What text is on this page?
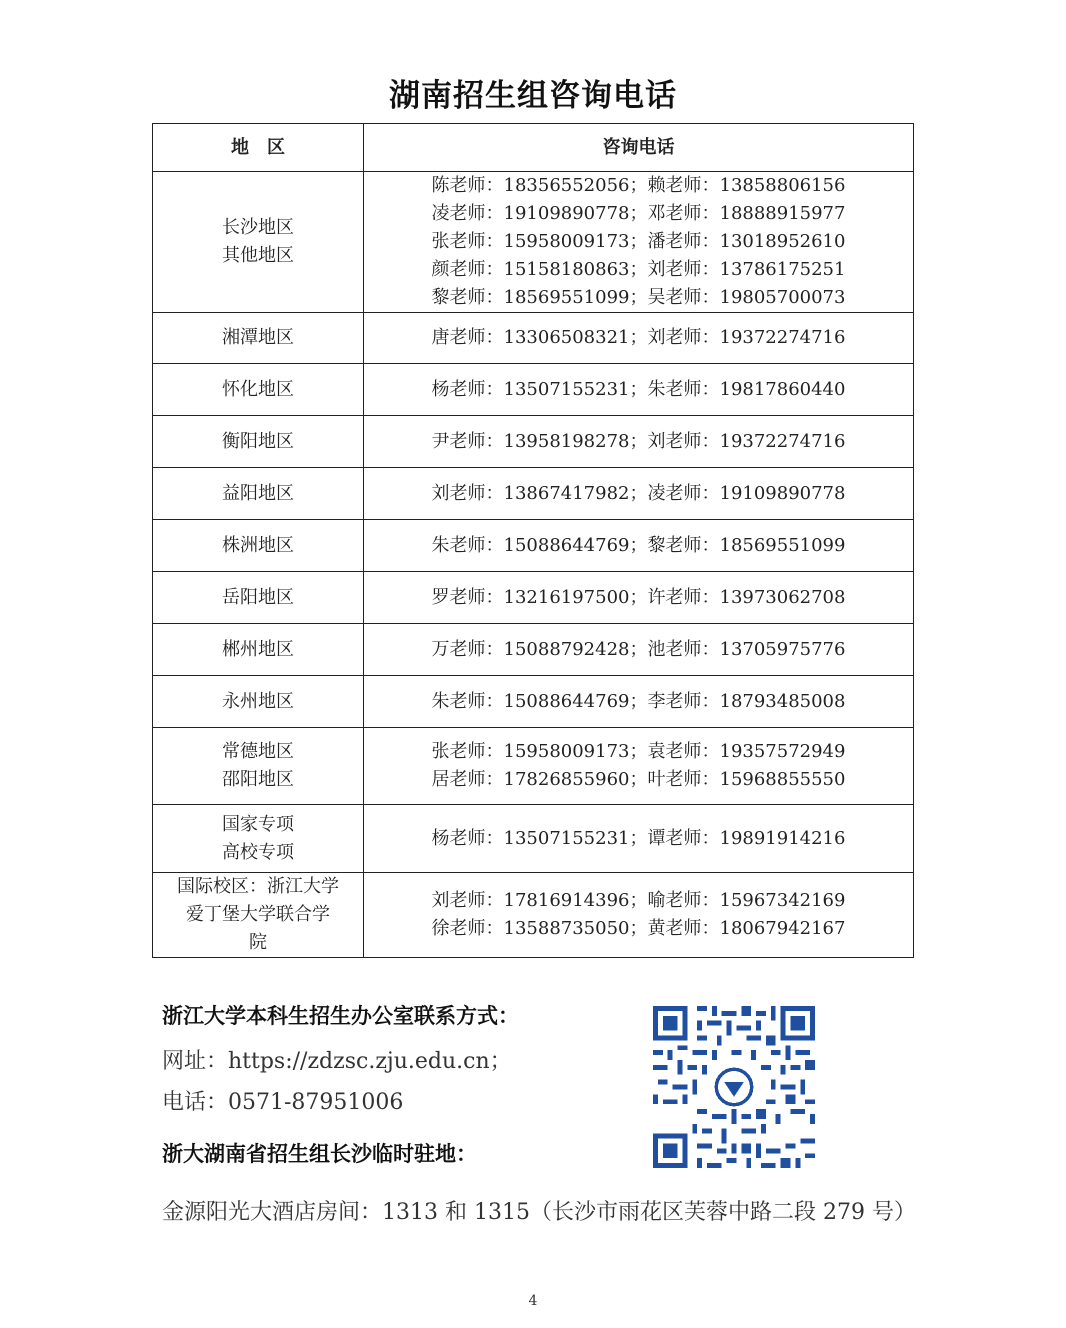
湖南招生组咨询电话
地　区	咨询电话

长沙地区
其他地区	陈老师：18356552056；赖老师：13858806156
凌老师：19109890778；邓老师：18888915977
张老师：15958009173；潘老师：13018952610
颜老师：15158180863；刘老师：13786175251
黎老师：18569551099；吴老师：19805700073

湘潭地区	唐老师：13306508321；刘老师：19372274716

怀化地区	杨老师：13507155231；朱老师：19817860440

衡阳地区	尹老师：13958198278；刘老师：19372274716

益阳地区	刘老师：13867417982；凌老师：19109890778

株洲地区	朱老师：15088644769；黎老师：18569551099

岳阳地区	罗老师：13216197500；许老师：13973062708

郴州地区	万老师：15088792428；池老师：13705975776

永州地区	朱老师：15088644769；李老师：18793485008

常德地区
邵阳地区	张老师：15958009173；袁老师：19357572949
居老师：17826855960；叶老师：15968855550

国家专项
高校专项	杨老师：13507155231；谭老师：19891914216

国际校区：浙江大学
爱丁堡大学联合学
院	刘老师：17816914396；喻老师：15967342169
徐老师：13588735050；黄老师：18067942167
浙江大学本科生招生办公室联系方式：
网址：https://zdzsc.zju.edu.cn；
电话：0571-87951006
浙大湖南省招生组长沙临时驻地：
金源阳光大酒店房间：1313 和 1315（长沙市雨花区芙蓉中路二段 279 号）
4
